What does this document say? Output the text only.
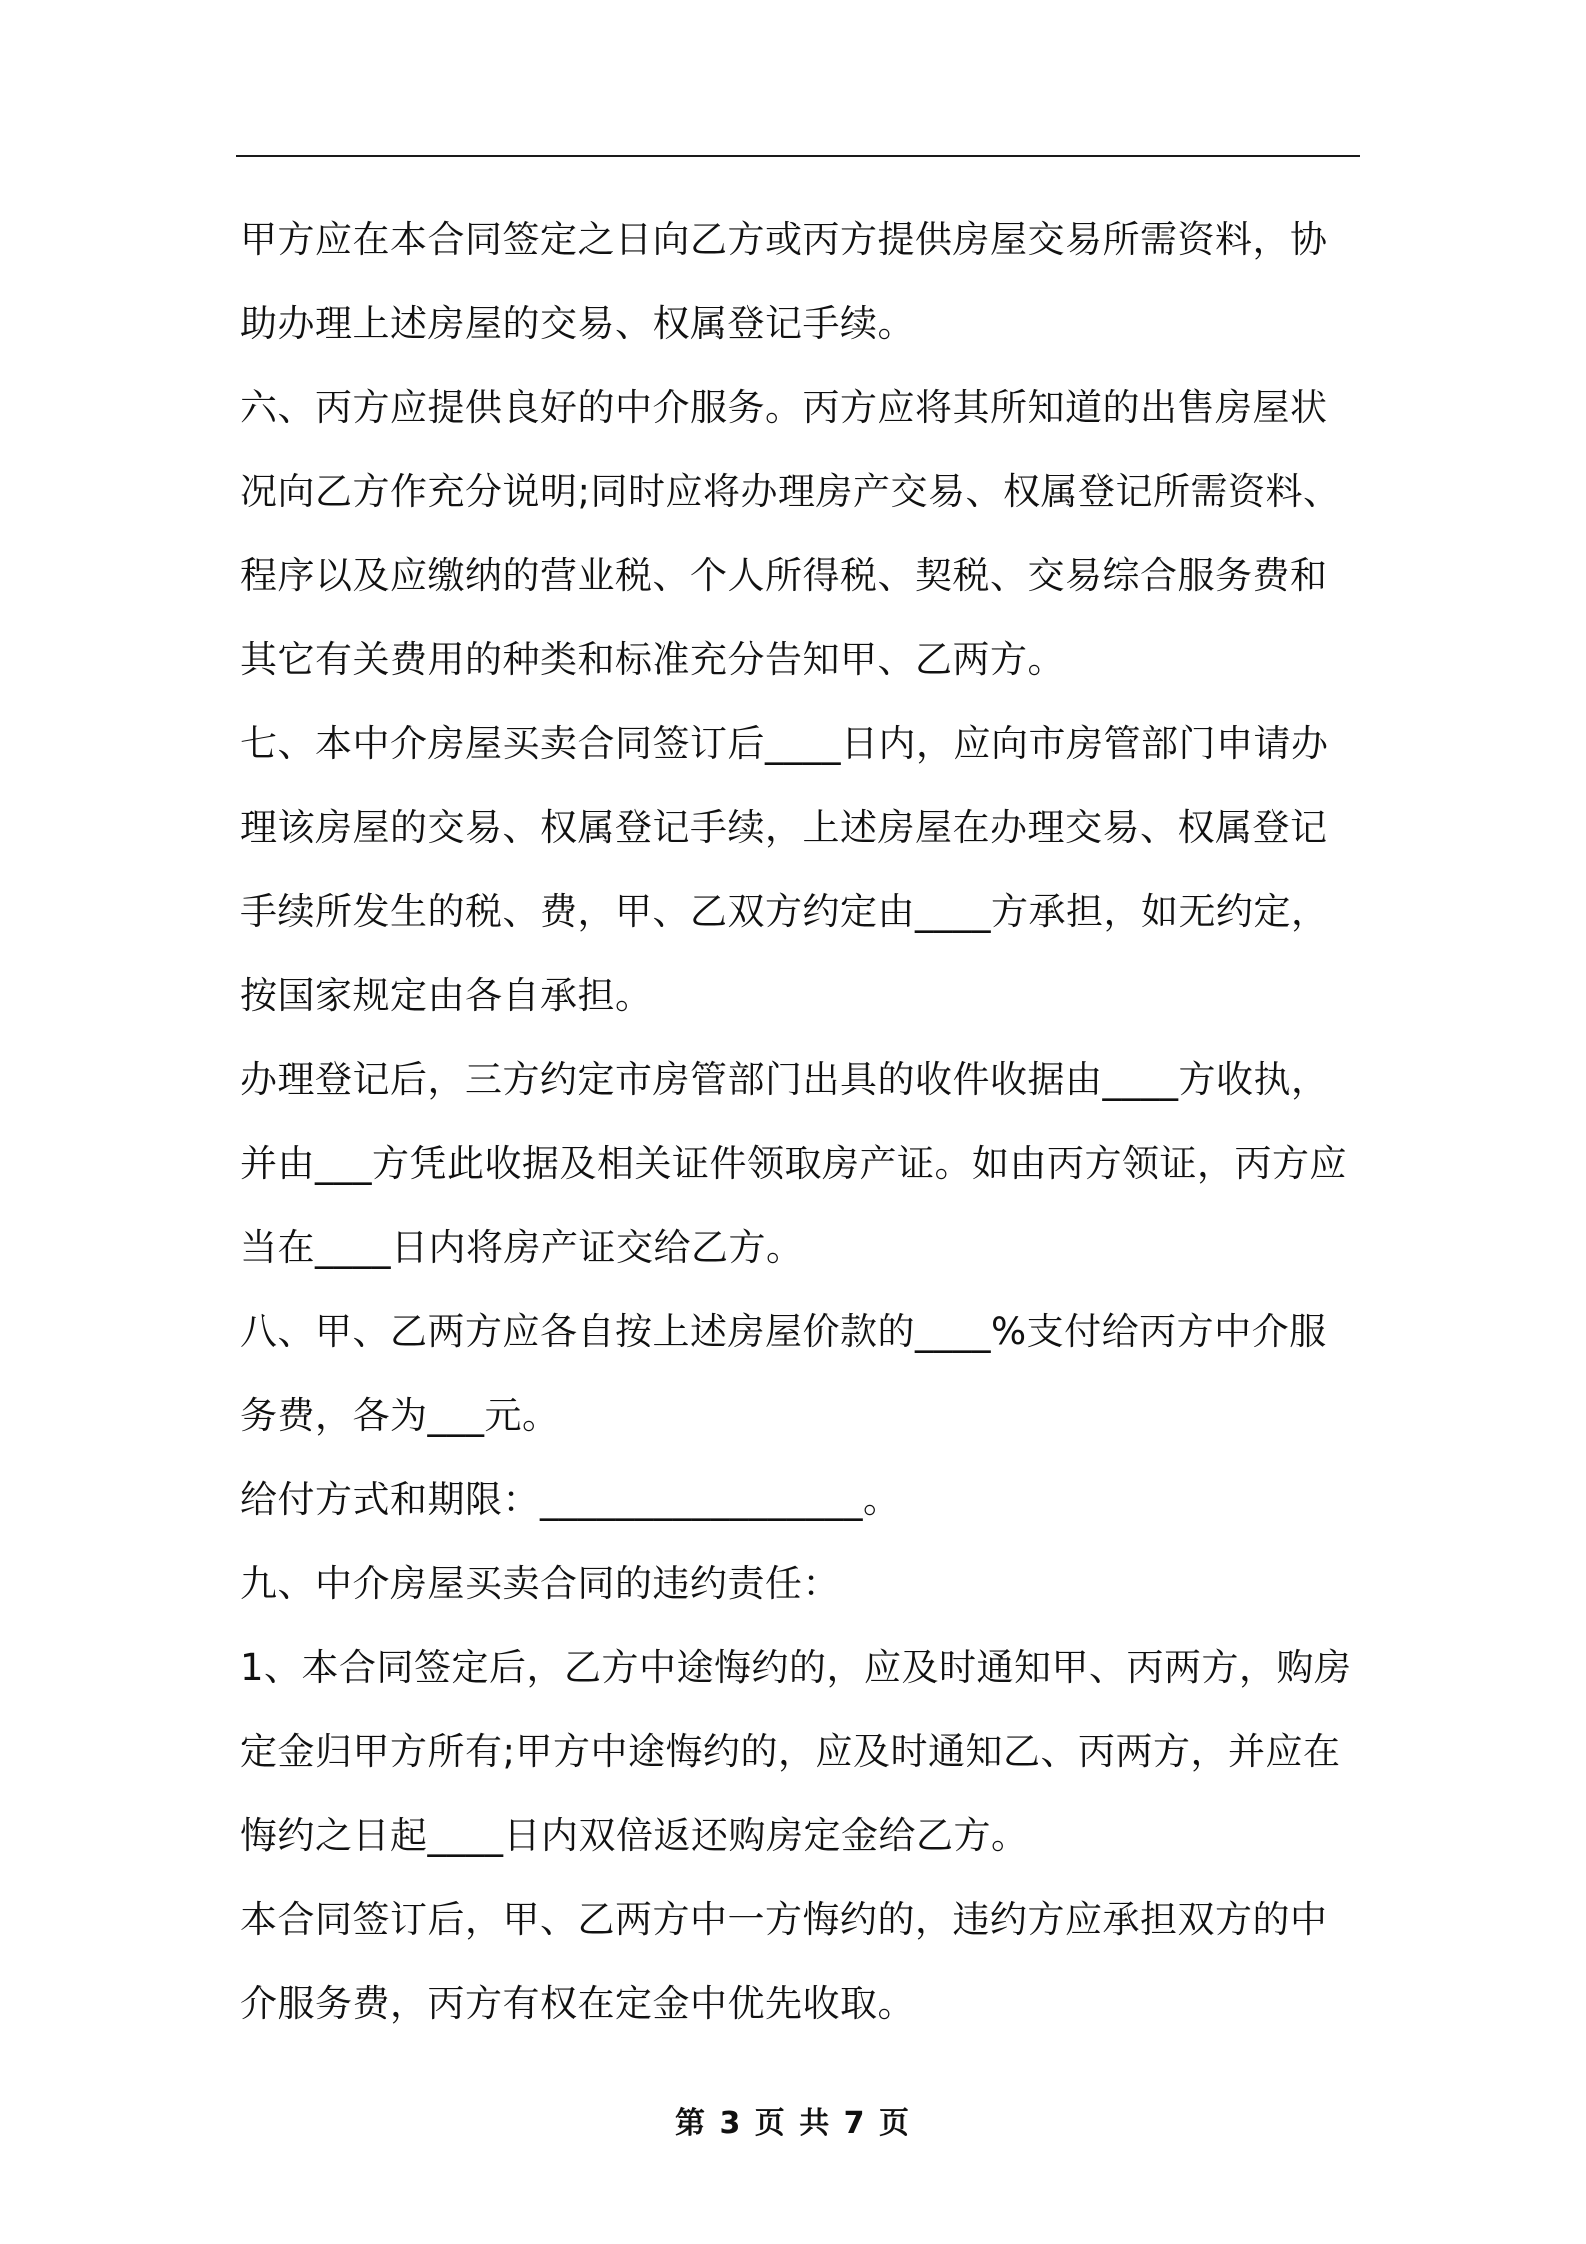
甲方应在本合同签定之日向乙方或丙方提供房屋交易所需资料，协助办理上述房屋的交易、权属登记手续。

六、丙方应提供良好的中介服务。丙方应将其所知道的出售房屋状况向乙方作充分说明;同时应将办理房产交易、权属登记所需资料、程序以及应缴纳的营业税、个人所得税、契税、交易综合服务费和其它有关费用的种类和标准充分告知甲、乙两方。

七、本中介房屋买卖合同签订后____日内，应向市房管部门申请办理该房屋的交易、权属登记手续，上述房屋在办理交易、权属登记手续所发生的税、费，甲、乙双方约定由____方承担，如无约定，按国家规定由各自承担。

办理登记后，三方约定市房管部门出具的收件收据由____方收执，并由___方凭此收据及相关证件领取房产证。如由丙方领证，丙方应当在____日内将房产证交给乙方。

八、甲、乙两方应各自按上述房屋价款的____%支付给丙方中介服务费，各为___元。

给付方式和期限：_________________。

九、中介房屋买卖合同的违约责任：

1、本合同签定后，乙方中途悔约的，应及时通知甲、丙两方，购房定金归甲方所有;甲方中途悔约的，应及时通知乙、丙两方，并应在悔约之日起____日内双倍返还购房定金给乙方。

本合同签订后，甲、乙两方中一方悔约的，违约方应承担双方的中介服务费，丙方有权在定金中优先收取。

第 3 页 共 7 页
